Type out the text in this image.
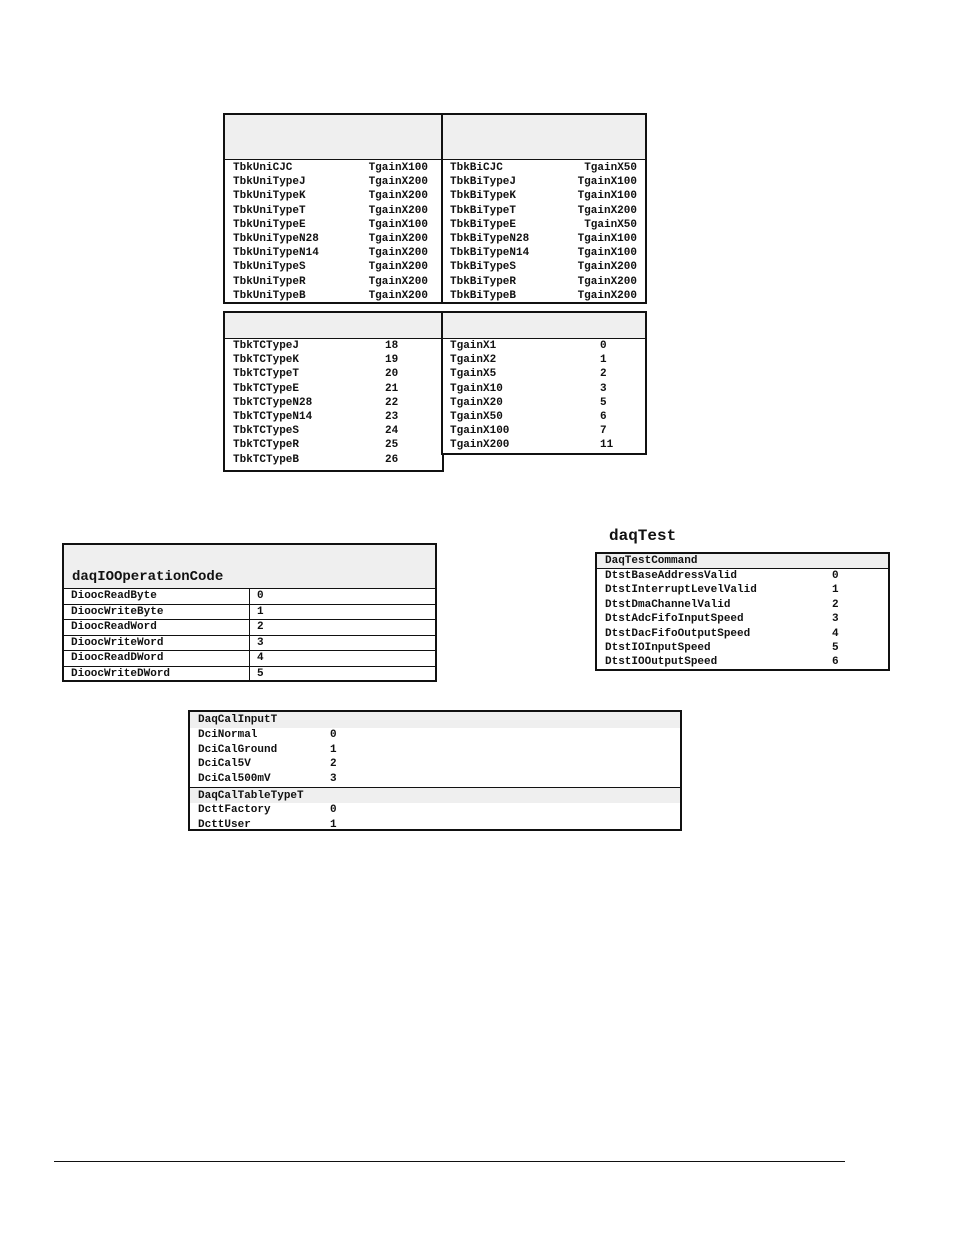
TbkUniCJC	TgainX100
TbkUniTypeJ	TgainX200
TbkUniTypeK	TgainX200
TbkUniTypeT	TgainX200
TbkUniTypeE	TgainX100
TbkUniTypeN28	TgainX200
TbkUniTypeN14	TgainX200
TbkUniTypeS	TgainX200
TbkUniTypeR	TgainX200
TbkUniTypeB	TgainX200
TbkBiCJC	TgainX50
TbkBiTypeJ	TgainX100
TbkBiTypeK	TgainX100
TbkBiTypeT	TgainX200
TbkBiTypeE	TgainX50
TbkBiTypeN28	TgainX100
TbkBiTypeN14	TgainX100
TbkBiTypeS	TgainX200
TbkBiTypeR	TgainX200
TbkBiTypeB	TgainX200
TbkTCTypeJ	18
TbkTCTypeK	19
TbkTCTypeT	20
TbkTCTypeE	21
TbkTCTypeN28	22
TbkTCTypeN14	23
TbkTCTypeS	24
TbkTCTypeR	25
TbkTCTypeB	26
TgainX1	0
TgainX2	1
TgainX5	2
TgainX10	3
TgainX20	5
TgainX50	6
TgainX100	7
TgainX200	11
daqIOOperationCode
DioocReadByte	0
DioocWriteByte	1
DioocReadWord	2
DioocWriteWord	3
DioocReadDWord	4
DioocWriteDWord	5
daqTest
DaqTestCommand
DtstBaseAddressValid	0
DtstInterruptLevelValid	1
DtstDmaChannelValid	2
DtstAdcFifoInputSpeed	3
DtstDacFifoOutputSpeed	4
DtstIOInputSpeed	5
DtstIOOutputSpeed	6
DaqCalInputT
DciNormal	0
DciCalGround	1
DciCal5V	2
DciCal500mV	3
DaqCalTableTypeT
DcttFactory	0
DcttUser	1
